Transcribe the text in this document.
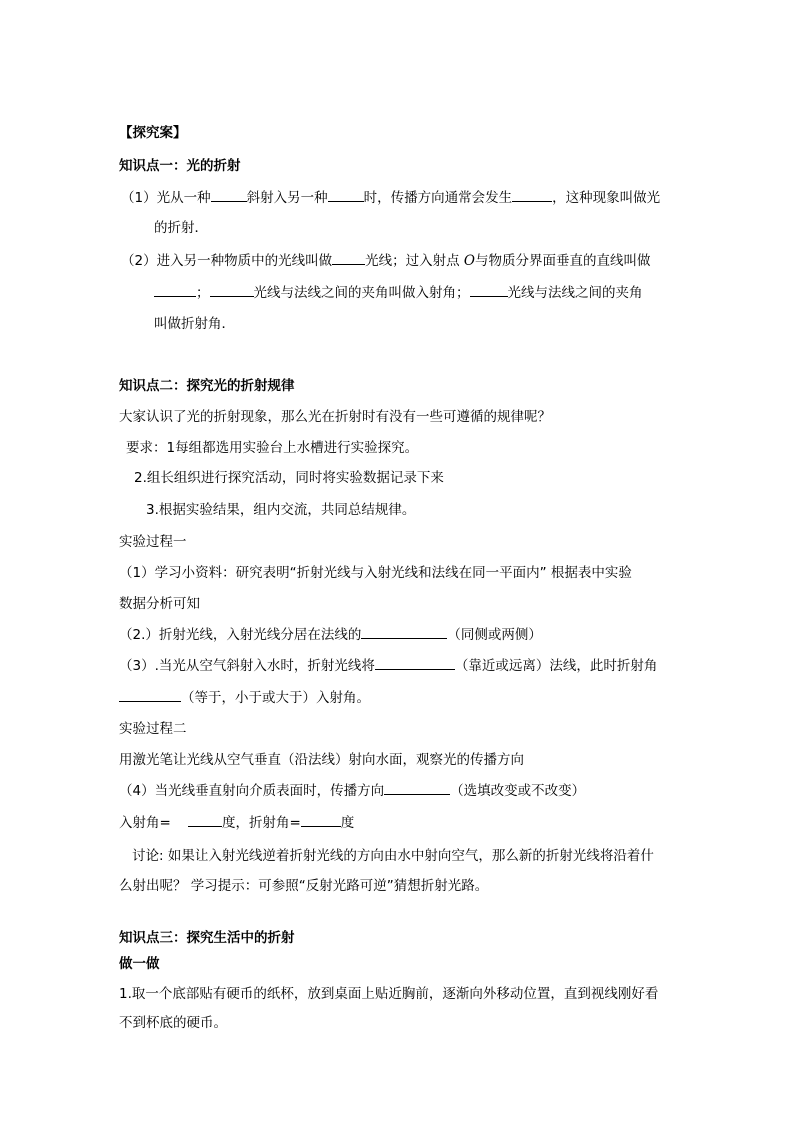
【探究案】
知识点一：光的折射
（1）光从一种	斜射入另一种	时，传播方向通常会发生	，这种现象叫做光
的折射．
（2）进入另一种物质中的光线叫做 光线；过入射点 O与物质分界面垂直的直线叫做
；	光线与法线之间的夹角叫做入射角；	光线与法线之间的夹角
叫做折射角．
知识点二：探究光的折射规律
大家认识了光的折射现象，那么光在折射时有没有一些可遵循的规律呢？
要求：1每组都选用实验台上水槽进行实验探究。
2.组长组织进行探究活动，同时将实验数据记录下来
3.根据实验结果，组内交流，共同总结规律。
实验过程一
（1）学习小资料：研究表明“折射光线与入射光线和法线在同一平面内” 根据表中实验
数据分析可知
（2.）折射光线，入射光线分居在法线的	（同侧或两侧）
（3）.当光从空气斜射入水时，折射光线将	（靠近或远离）法线，此时折射角
（等于，小于或大于）入射角。
实验过程二
用激光笔让光线从空气垂直（沿法线）射向水面，观察光的传播方向
（4）当光线垂直射向介质表面时，传播方向	（选填改变或不改变）
入射角=	度，折射角=	度
讨论: 如果让入射光线逆着折射光线的方向由水中射向空气，那么新的折射光线将沿着什
么射出呢？ 学习提示：可参照“反射光路可逆”猜想折射光路。
知识点三：探究生活中的折射
做一做
1.取一个底部贴有硬币的纸杯，放到桌面上贴近胸前，逐渐向外移动位置，直到视线刚好看
不到杯底的硬币。
